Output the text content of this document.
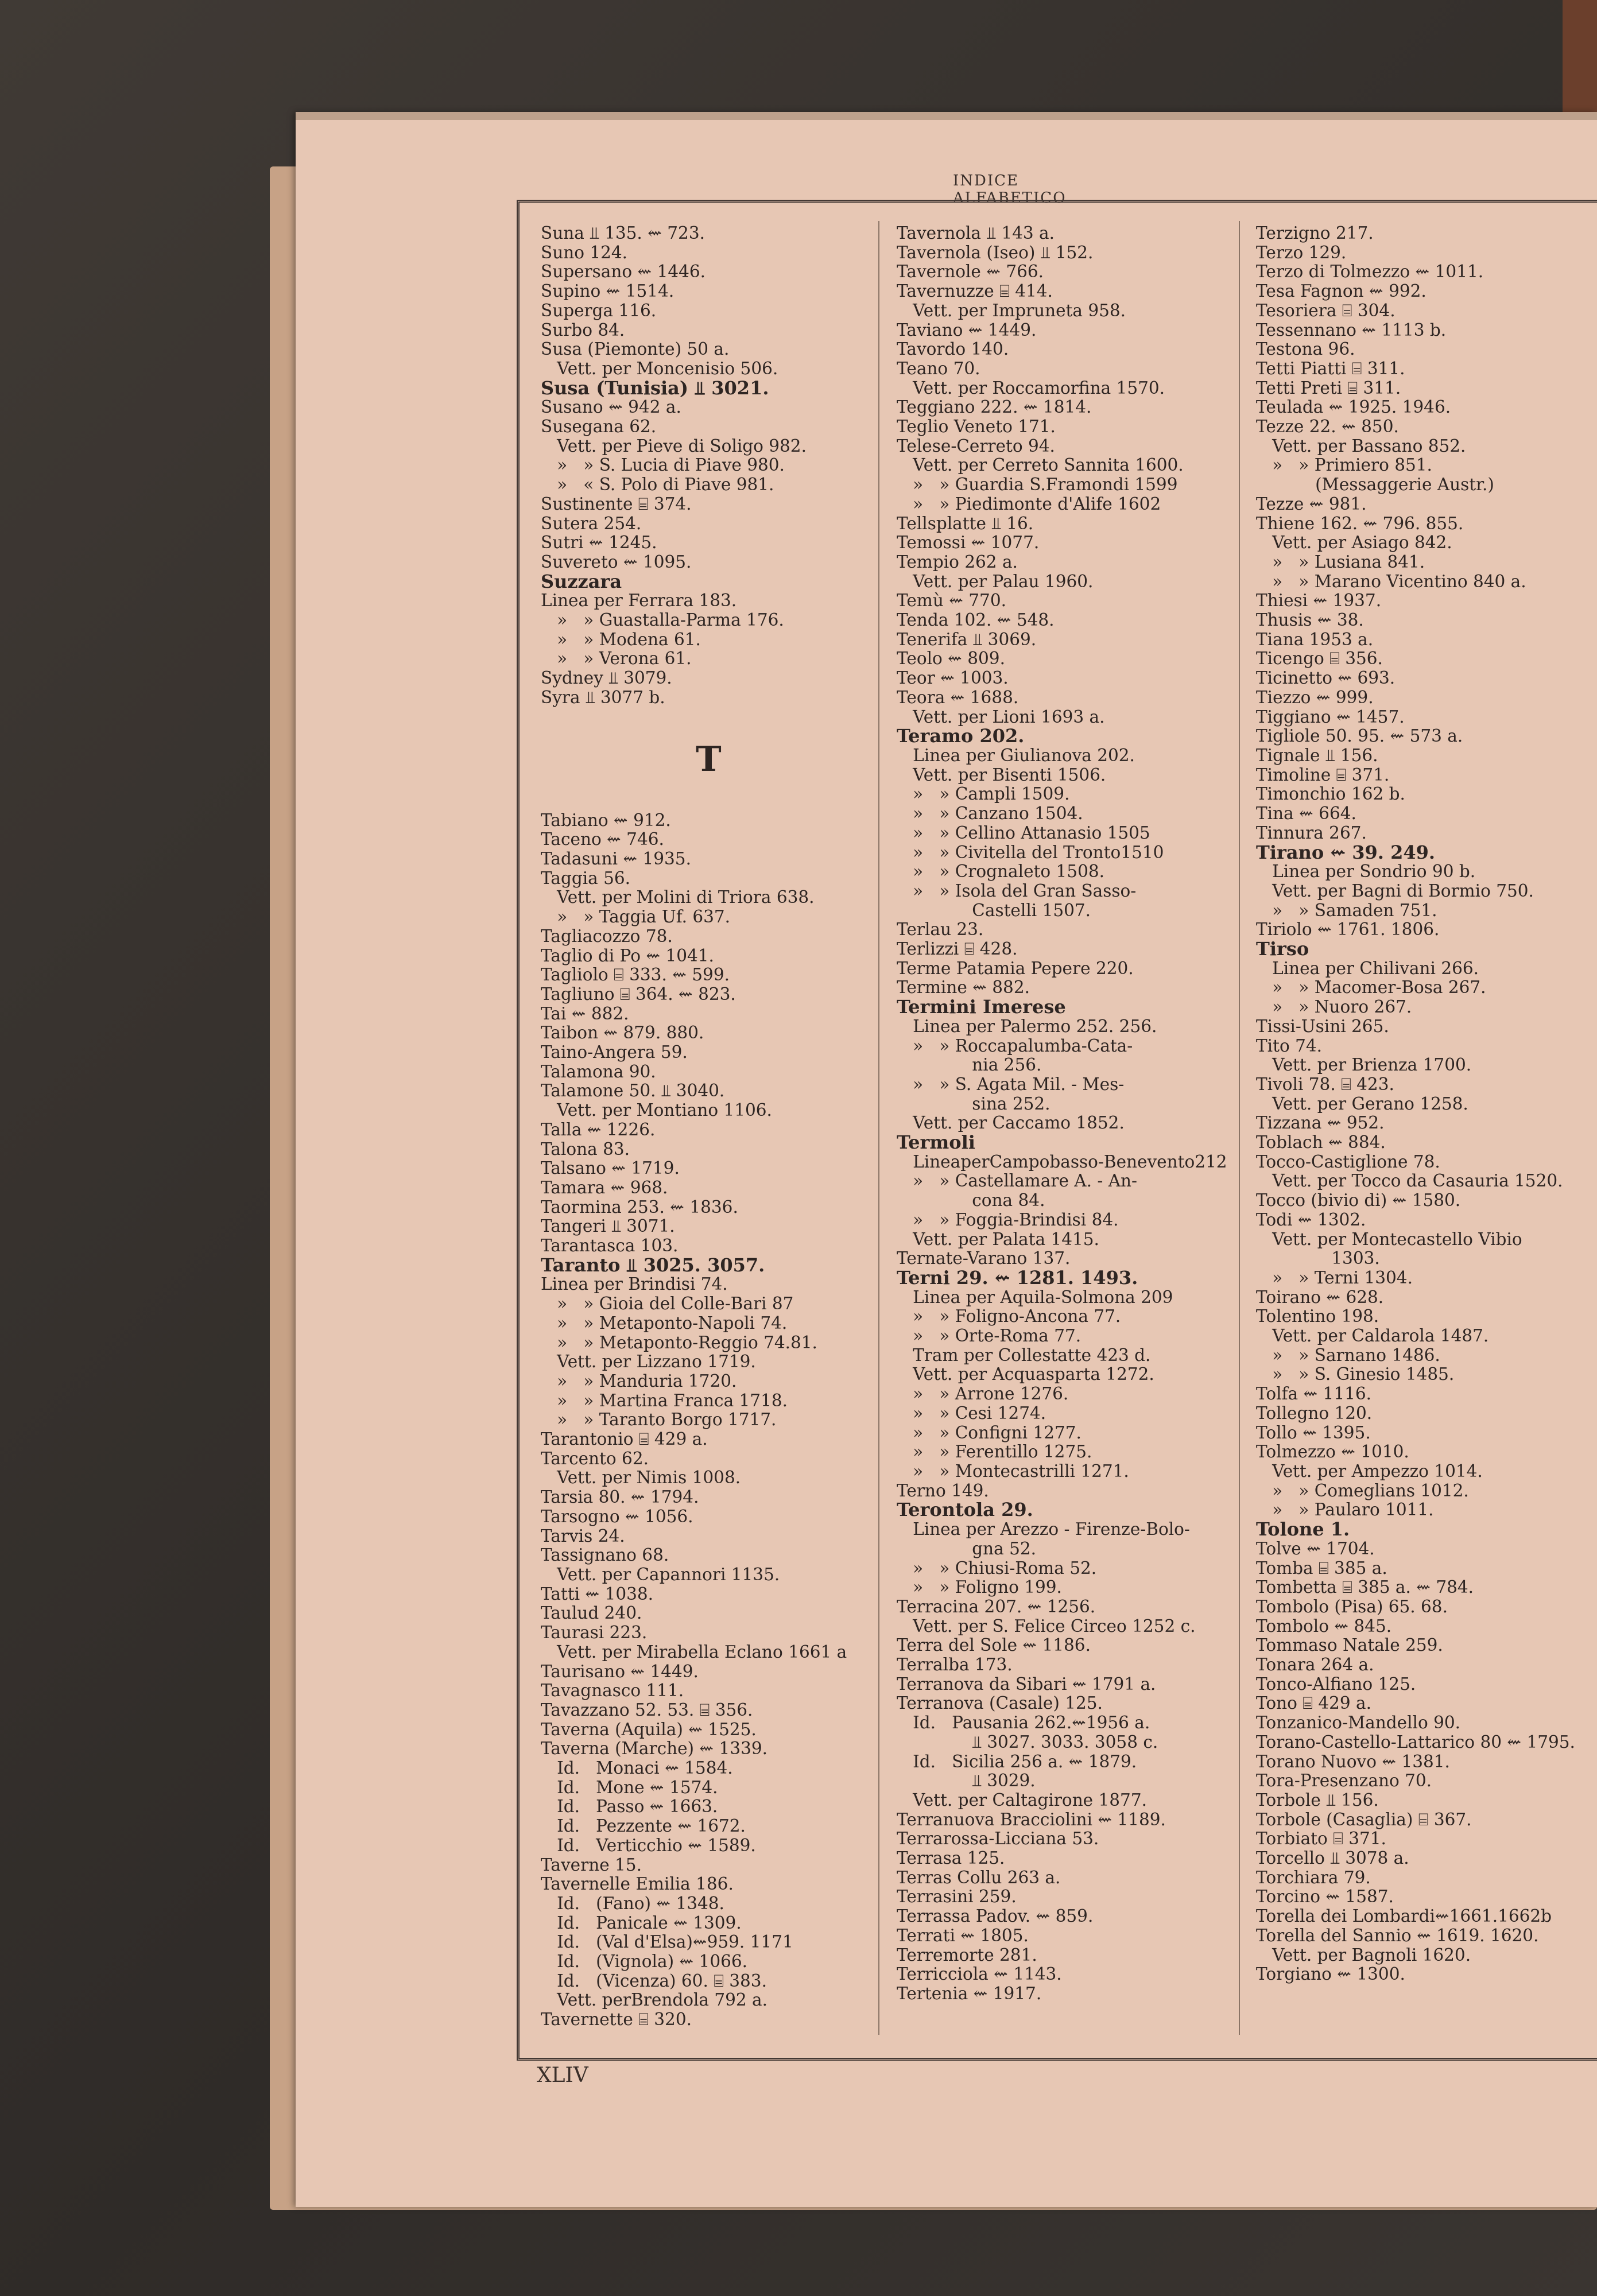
INDICE ALFABETICO
Suna ⫫ 135. ⇜ 723.
Suno 124.
Supersano ⇜ 1446.
Supino ⇜ 1514.
Superga 116.
Surbo 84.
Susa (Piemonte) 50 a.
Vett. per Moncenisio 506.
Susa (Tunisia) ⫫ 3021.
Susano ⇜ 942 a.
Susegana 62.
Vett. per Pieve di Soligo 982.
»   » S. Lucia di Piave 980.
»   « S. Polo di Piave 981.
Sustinente ⌸ 374.
Sutera 254.
Sutri ⇜ 1245.
Suvereto ⇜ 1095.
Suzzara
Linea per Ferrara 183.
»   » Guastalla-Parma 176.
»   » Modena 61.
»   » Verona 61.
Sydney ⫫ 3079.
Syra ⫫ 3077 b.
T
Tabiano ⇜ 912.
Taceno ⇜ 746.
Tadasuni ⇜ 1935.
Taggia 56.
Vett. per Molini di Triora 638.
»   » Taggia Uf. 637.
Tagliacozzo 78.
Taglio di Po ⇜ 1041.
Tagliolo ⌸ 333. ⇜ 599.
Tagliuno ⌸ 364. ⇜ 823.
Tai ⇜ 882.
Taibon ⇜ 879. 880.
Taino-Angera 59.
Talamona 90.
Talamone 50. ⫫ 3040.
Vett. per Montiano 1106.
Talla ⇜ 1226.
Talona 83.
Talsano ⇜ 1719.
Tamara ⇜ 968.
Taormina 253. ⇜ 1836.
Tangeri ⫫ 3071.
Tarantasca 103.
Taranto ⫫ 3025. 3057.
Linea per Brindisi 74.
»   » Gioia del Colle-Bari 87
»   » Metaponto-Napoli 74.
»   » Metaponto-Reggio 74.81.
Vett. per Lizzano 1719.
»   » Manduria 1720.
»   » Martina Franca 1718.
»   » Taranto Borgo 1717.
Tarantonio ⌸ 429 a.
Tarcento 62.
Vett. per Nimis 1008.
Tarsia 80. ⇜ 1794.
Tarsogno ⇜ 1056.
Tarvis 24.
Tassignano 68.
Vett. per Capannori 1135.
Tatti ⇜ 1038.
Taulud 240.
Taurasi 223.
Vett. per Mirabella Eclano 1661 a
Taurisano ⇜ 1449.
Tavagnasco 111.
Tavazzano 52. 53. ⌸ 356.
Taverna (Aquila) ⇜ 1525.
Taverna (Marche) ⇜ 1339.
Id.   Monaci ⇜ 1584.
Id.   Mone ⇜ 1574.
Id.   Passo ⇜ 1663.
Id.   Pezzente ⇜ 1672.
Id.   Verticchio ⇜ 1589.
Taverne 15.
Tavernelle Emilia 186.
Id.   (Fano) ⇜ 1348.
Id.   Panicale ⇜ 1309.
Id.   (Val d'Elsa)⇜959. 1171
Id.   (Vignola) ⇜ 1066.
Id.   (Vicenza) 60. ⌸ 383.
Vett. perBrendola 792 a.
Tavernette ⌸ 320.
Tavernola ⫫ 143 a.
Tavernola (Iseo) ⫫ 152.
Tavernole ⇜ 766.
Tavernuzze ⌸ 414.
Vett. per Impruneta 958.
Taviano ⇜ 1449.
Tavordo 140.
Teano 70.
Vett. per Roccamorfina 1570.
Teggiano 222. ⇜ 1814.
Teglio Veneto 171.
Telese-Cerreto 94.
Vett. per Cerreto Sannita 1600.
»   » Guardia S.Framondi 1599
»   » Piedimonte d'Alife 1602
Tellsplatte ⫫ 16.
Temossi ⇜ 1077.
Tempio 262 a.
Vett. per Palau 1960.
Temù ⇜ 770.
Tenda 102. ⇜ 548.
Tenerifa ⫫ 3069.
Teolo ⇜ 809.
Teor ⇜ 1003.
Teora ⇜ 1688.
Vett. per Lioni 1693 a.
Teramo 202.
Linea per Giulianova 202.
Vett. per Bisenti 1506.
»   » Campli 1509.
»   » Canzano 1504.
»   » Cellino Attanasio 1505
»   » Civitella del Tronto1510
»   » Crognaleto 1508.
»   » Isola del Gran Sasso-
Castelli 1507.
Terlau 23.
Terlizzi ⌸ 428.
Terme Patamia Pepere 220.
Termine ⇜ 882.
Termini Imerese
Linea per Palermo 252. 256.
»   » Roccapalumba-Cata-
nia 256.
»   » S. Agata Mil. - Mes-
sina 252.
Vett. per Caccamo 1852.
Termoli
LineaperCampobasso-Benevento212
»   » Castellamare A. - An-
cona 84.
»   » Foggia-Brindisi 84.
Vett. per Palata 1415.
Ternate-Varano 137.
Terni 29. ⇜ 1281. 1493.
Linea per Aquila-Solmona 209
»   » Foligno-Ancona 77.
»   » Orte-Roma 77.
Tram per Collestatte 423 d.
Vett. per Acquasparta 1272.
»   » Arrone 1276.
»   » Cesi 1274.
»   » Configni 1277.
»   » Ferentillo 1275.
»   » Montecastrilli 1271.
Terno 149.
Terontola 29.
Linea per Arezzo - Firenze-Bolo-
gna 52.
»   » Chiusi-Roma 52.
»   » Foligno 199.
Terracina 207. ⇜ 1256.
Vett. per S. Felice Circeo 1252 c.
Terra del Sole ⇜ 1186.
Terralba 173.
Terranova da Sibari ⇜ 1791 a.
Terranova (Casale) 125.
Id.   Pausania 262.⇜1956 a.
⫫ 3027. 3033. 3058 c.
Id.   Sicilia 256 a. ⇜ 1879.
⫫ 3029.
Vett. per Caltagirone 1877.
Terranuova Bracciolini ⇜ 1189.
Terrarossa-Licciana 53.
Terrasa 125.
Terras Collu 263 a.
Terrasini 259.
Terrassa Padov. ⇜ 859.
Terrati ⇜ 1805.
Terremorte 281.
Terricciola ⇜ 1143.
Tertenia ⇜ 1917.
Terzigno 217.
Terzo 129.
Terzo di Tolmezzo ⇜ 1011.
Tesa Fagnon ⇜ 992.
Tesoriera ⌸ 304.
Tessennano ⇜ 1113 b.
Testona 96.
Tetti Piatti ⌸ 311.
Tetti Preti ⌸ 311.
Teulada ⇜ 1925. 1946.
Tezze 22. ⇜ 850.
Vett. per Bassano 852.
»   » Primiero 851.
(Messaggerie Austr.)
Tezze ⇜ 981.
Thiene 162. ⇜ 796. 855.
Vett. per Asiago 842.
»   » Lusiana 841.
»   » Marano Vicentino 840 a.
Thiesi ⇜ 1937.
Thusis ⇜ 38.
Tiana 1953 a.
Ticengo ⌸ 356.
Ticinetto ⇜ 693.
Tiezzo ⇜ 999.
Tiggiano ⇜ 1457.
Tigliole 50. 95. ⇜ 573 a.
Tignale ⫫ 156.
Timoline ⌸ 371.
Timonchio 162 b.
Tina ⇜ 664.
Tinnura 267.
Tirano ⇜ 39. 249.
Linea per Sondrio 90 b.
Vett. per Bagni di Bormio 750.
»   » Samaden 751.
Tiriolo ⇜ 1761. 1806.
Tirso
Linea per Chilivani 266.
»   » Macomer-Bosa 267.
»   » Nuoro 267.
Tissi-Usini 265.
Tito 74.
Vett. per Brienza 1700.
Tivoli 78. ⌸ 423.
Vett. per Gerano 1258.
Tizzana ⇜ 952.
Toblach ⇜ 884.
Tocco-Castiglione 78.
Vett. per Tocco da Casauria 1520.
Tocco (bivio di) ⇜ 1580.
Todi ⇜ 1302.
Vett. per Montecastello Vibio
1303.
»   » Terni 1304.
Toirano ⇜ 628.
Tolentino 198.
Vett. per Caldarola 1487.
»   » Sarnano 1486.
»   » S. Ginesio 1485.
Tolfa ⇜ 1116.
Tollegno 120.
Tollo ⇜ 1395.
Tolmezzo ⇜ 1010.
Vett. per Ampezzo 1014.
»   » Comeglians 1012.
»   » Paularo 1011.
Tolone 1.
Tolve ⇜ 1704.
Tomba ⌸ 385 a.
Tombetta ⌸ 385 a. ⇜ 784.
Tombolo (Pisa) 65. 68.
Tombolo ⇜ 845.
Tommaso Natale 259.
Tonara 264 a.
Tonco-Alfiano 125.
Tono ⌸ 429 a.
Tonzanico-Mandello 90.
Torano-Castello-Lattarico 80 ⇜ 1795.
Torano Nuovo ⇜ 1381.
Tora-Presenzano 70.
Torbole ⫫ 156.
Torbole (Casaglia) ⌸ 367.
Torbiato ⌸ 371.
Torcello ⫫ 3078 a.
Torchiara 79.
Torcino ⇜ 1587.
Torella dei Lombardi⇜1661.1662b
Torella del Sannio ⇜ 1619. 1620.
Vett. per Bagnoli 1620.
Torgiano ⇜ 1300.
XLIV
